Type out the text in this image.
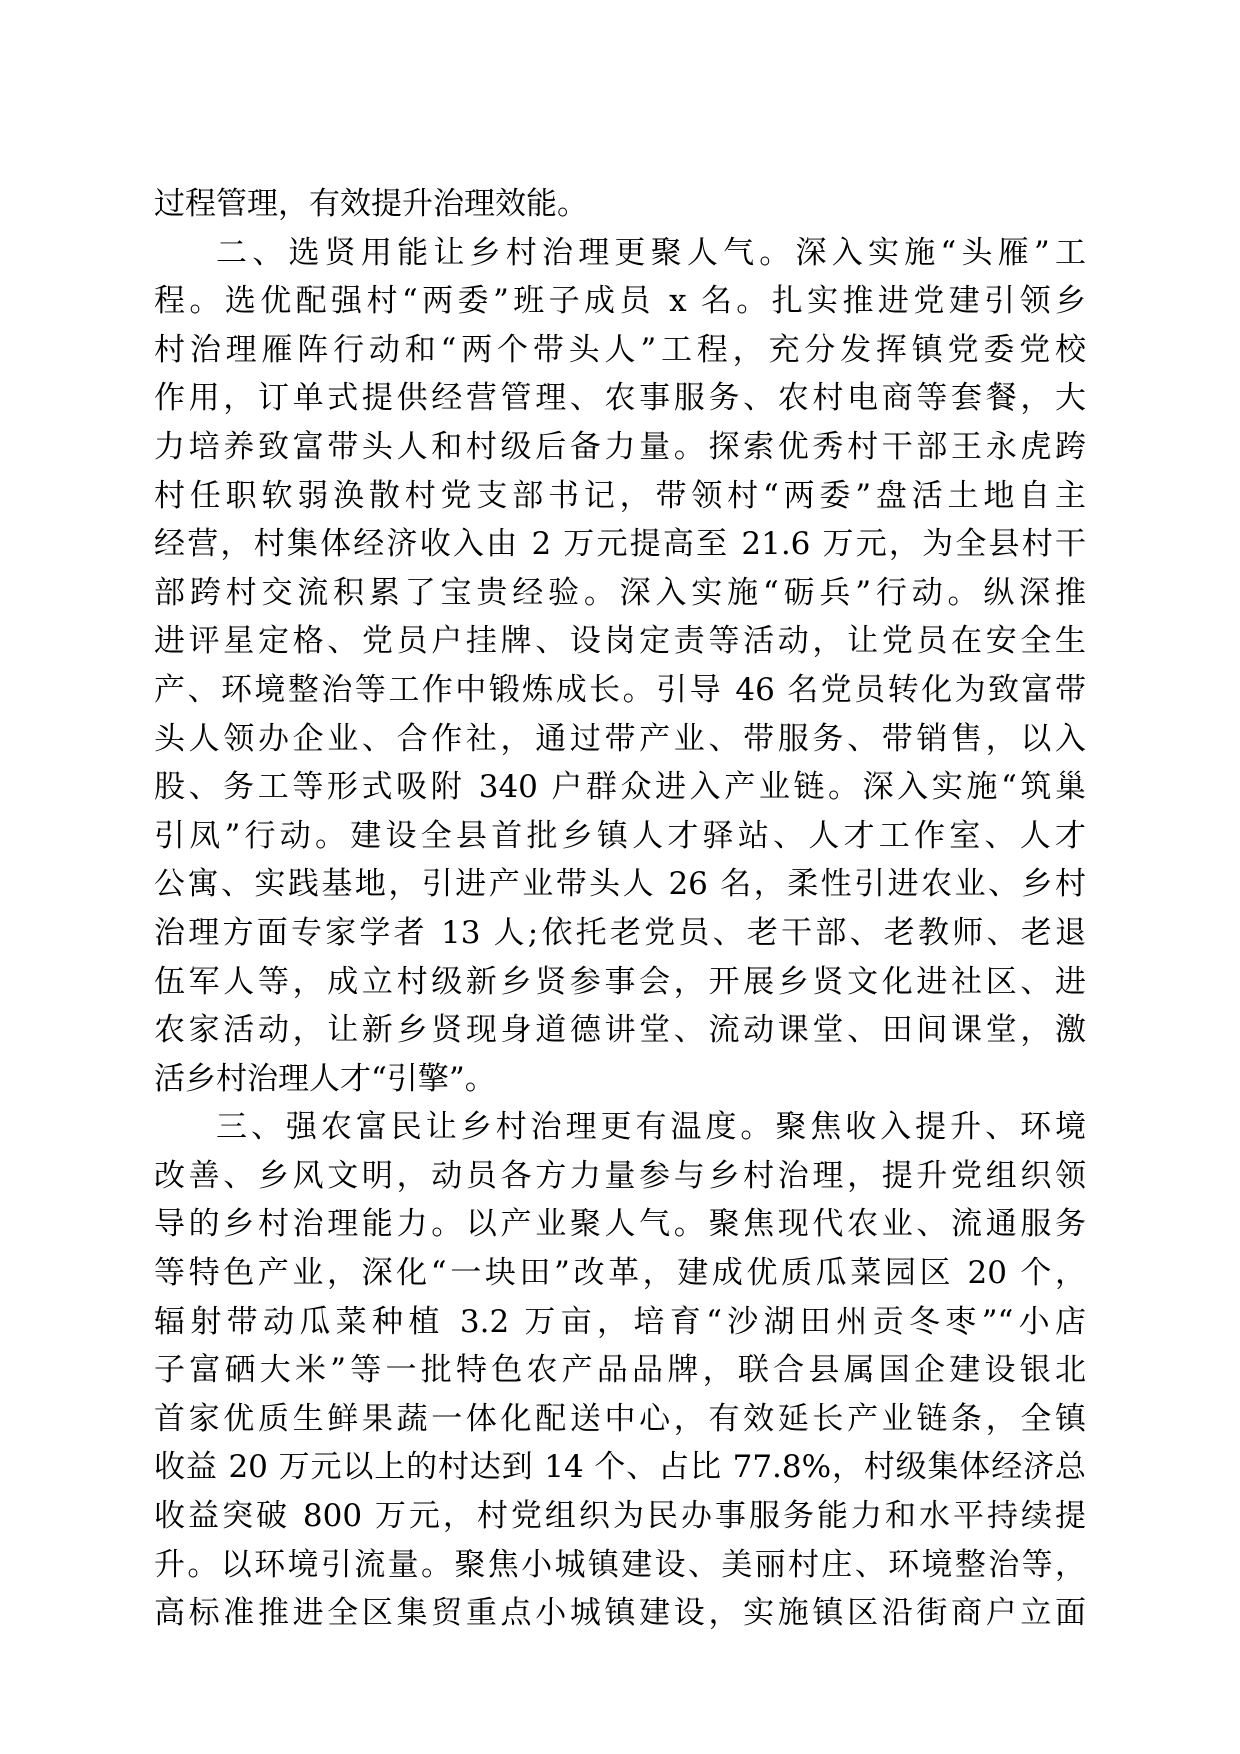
过程管理，有效提升治理效能。
二、选贤用能让乡村治理更聚人气。深入实施“头雁”工
程。选优配强村“两委”班子成员 x 名。扎实推进党建引领乡
村治理雁阵行动和“两个带头人”工程，充分发挥镇党委党校
作用，订单式提供经营管理、农事服务、农村电商等套餐，大
力培养致富带头人和村级后备力量。探索优秀村干部王永虎跨
村任职软弱涣散村党支部书记，带领村“两委”盘活土地自主
经营，村集体经济收入由 2 万元提高至 21.6 万元，为全县村干
部跨村交流积累了宝贵经验。深入实施“砺兵”行动。纵深推
进评星定格、党员户挂牌、设岗定责等活动，让党员在安全生
产、环境整治等工作中锻炼成长。引导 46 名党员转化为致富带
头人领办企业、合作社，通过带产业、带服务、带销售，以入
股、务工等形式吸附 340 户群众进入产业链。深入实施“筑巢
引凤”行动。建设全县首批乡镇人才驿站、人才工作室、人才
公寓、实践基地，引进产业带头人 26 名，柔性引进农业、乡村
治理方面专家学者 13 人;依托老党员、老干部、老教师、老退
伍军人等，成立村级新乡贤参事会，开展乡贤文化进社区、进
农家活动，让新乡贤现身道德讲堂、流动课堂、田间课堂，激
活乡村治理人才“引擎”。
三、强农富民让乡村治理更有温度。聚焦收入提升、环境
改善、乡风文明，动员各方力量参与乡村治理，提升党组织领
导的乡村治理能力。以产业聚人气。聚焦现代农业、流通服务
等特色产业，深化“一块田”改革，建成优质瓜菜园区 20 个，
辐射带动瓜菜种植 3.2 万亩，培育“沙湖田州贡冬枣”“小店
子富硒大米”等一批特色农产品品牌，联合县属国企建设银北
首家优质生鲜果蔬一体化配送中心，有效延长产业链条，全镇
收益 20 万元以上的村达到 14 个、占比 77.8%，村级集体经济总
收益突破 800 万元，村党组织为民办事服务能力和水平持续提
升。以环境引流量。聚焦小城镇建设、美丽村庄、环境整治等，
高标准推进全区集贸重点小城镇建设，实施镇区沿街商户立面
